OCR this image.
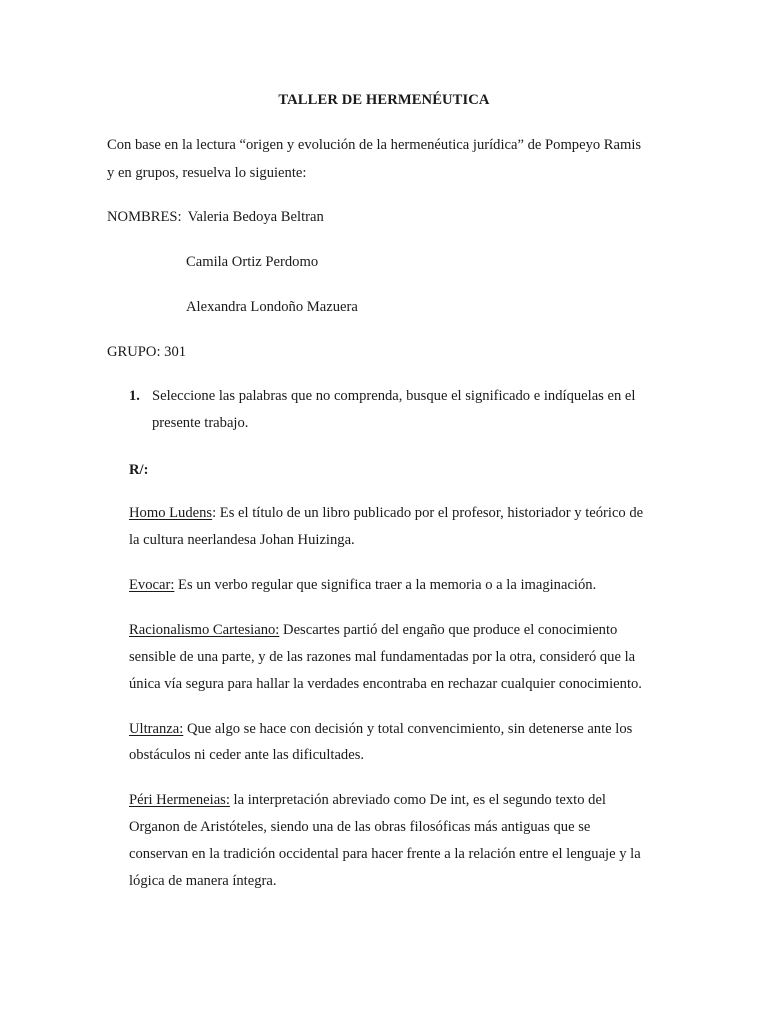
TALLER DE HERMENÉUTICA
Con base en la lectura “origen y evolución de la hermenéutica jurídica” de Pompeyo Ramis
y en grupos, resuelva lo siguiente:
NOMBRES: Valeria Bedoya Beltran
Camila Ortiz Perdomo
Alexandra Londoño Mazuera
GRUPO: 301
1. Seleccione las palabras que no comprenda, busque el significado e indíquelas en el
presente trabajo.
R/:
Homo Ludens: Es el título de un libro publicado por el profesor, historiador y teórico de
la cultura neerlandesa Johan Huizinga.
Evocar: Es un verbo regular que significa traer a la memoria o a la imaginación.
Racionalismo Cartesiano: Descartes partió del engaño que produce el conocimiento
sensible de una parte, y de las razones mal fundamentadas por la otra, consideró que la
única vía segura para hallar la verdades encontraba en rechazar cualquier conocimiento.
Ultranza: Que algo se hace con decisión y total convencimiento, sin detenerse ante los
obstáculos ni ceder ante las dificultades.
Péri Hermeneias: la interpretación abreviado como De int, es el segundo texto del
Organon de Aristóteles, siendo una de las obras filosóficas más antiguas que se
conservan en la tradición occidental para hacer frente a la relación entre el lenguaje y la
lógica de manera íntegra.
